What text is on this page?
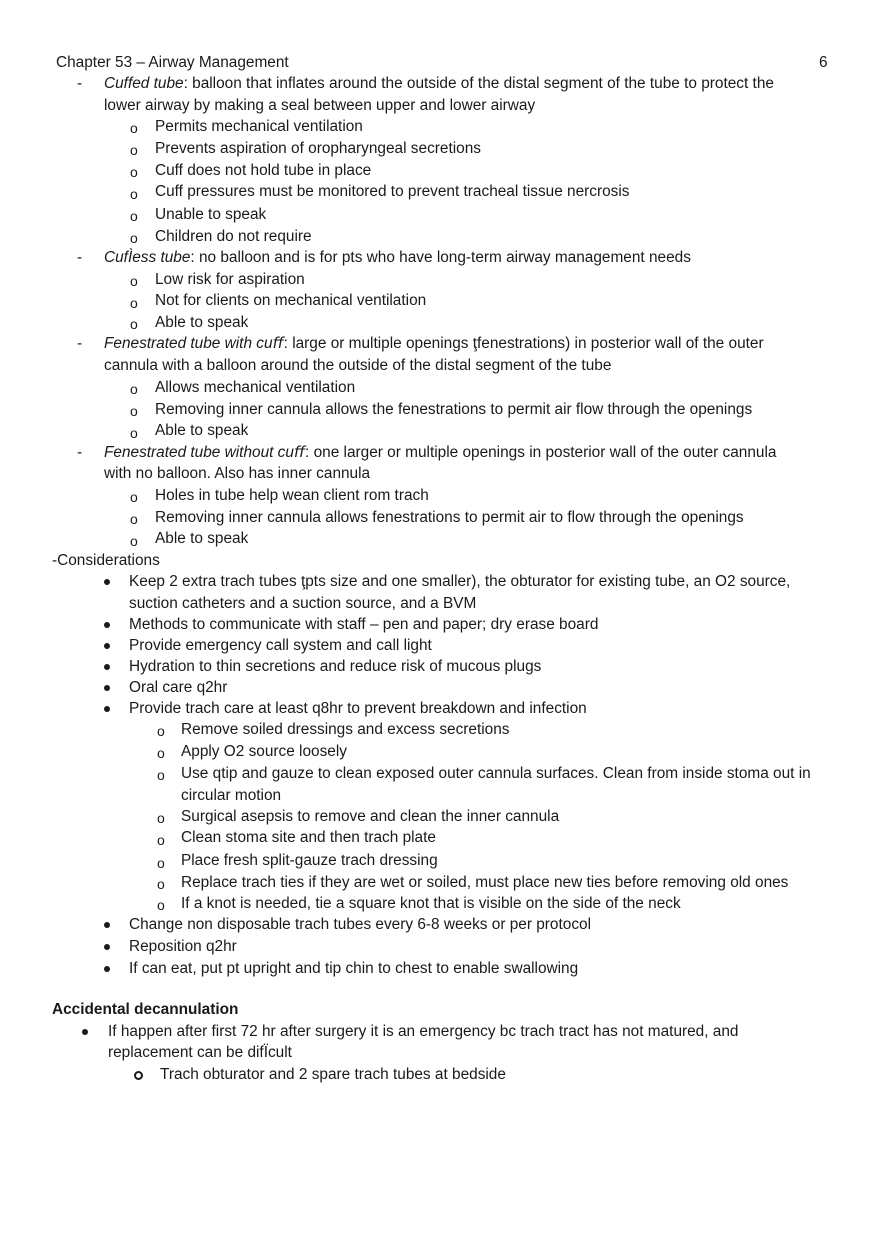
Chapter 53 – Airway Management	6
- Cuffed tube: balloon that inflates around the outside of the distal segment of the tube to protect the
lower airway by making a seal between upper and lower airway
o Permits mechanical ventilation
o Prevents aspiration of oropharyngeal secretions
o Cuff does not hold tube in place
o Cuff pressures must be monitored to prevent tracheal tissue nercrosis
o Unable to speak
o Children do not require
- CufÌess tube: no balloon and is for pts who have long-term airway management needs
o Low risk for aspiration
o Not for clients on mechanical ventilation
o Able to speak
- Fenestrated tube with cuﬀ: large or multiple openings ţfenestrations) in posterior wall of the outer
cannula with a balloon around the outside of the distal segment of the tube
o Allows mechanical ventilation
o Removing inner cannula allows the fenestrations to permit air flow through the openings
o Able to speak
- Fenestrated tube without cuﬀ: one larger or multiple openings in posterior wall of the outer cannula
with no balloon. Also has inner cannula
o Holes in tube help wean client rom trach
o Removing inner cannula allows fenestrations to permit air to flow through the openings
o Able to speak
-Considerations
Keep 2 extra trach tubes ţpts size and one smaller), the obturator for existing tube, an O2 source,
suction catheters and a suction source, and a BVM
Methods to communicate with staff – pen and paper; dry erase board
Provide emergency call system and call light
Hydration to thin secretions and reduce risk of mucous plugs
Oral care q2hr
Provide trach care at least q8hr to prevent breakdown and infection
o Remove soiled dressings and excess secretions
o Apply O2 source loosely
o Use qtip and gauze to clean exposed outer cannula surfaces. Clean from inside stoma out in
circular motion
o Surgical asepsis to remove and clean the inner cannula
o Clean stoma site and then trach plate
o Place fresh split-gauze trach dressing
o Replace trach ties if they are wet or soiled, must place new ties before removing old ones
o If a knot is needed, tie a square knot that is visible on the side of the neck
Change non disposable trach tubes every 6-8 weeks or per protocol
Reposition q2hr
If can eat, put pt upright and tip chin to chest to enable swallowing
Accidental decannulation
If happen after first 72 hr after surgery it is an emergency bc trach tract has not matured, and
replacement can be difÏcult
Trach obturator and 2 spare trach tubes at bedside
